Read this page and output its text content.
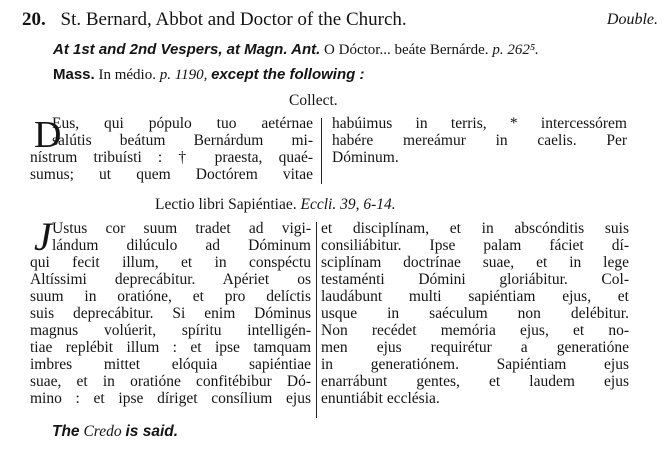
20. St. Bernard, Abbot and Doctor of the Church.	Double.
At 1st and 2nd Vespers, at Magn. Ant. O Dóctor... beáte Bernárde. p. 262⁵.
Mass. In médio. p. 1190, except the following :
Collect.
D
Eus, qui pópulo tuo aetérnae
salútis beátum Bernárdum mi-
nístrum tribuísti : † praesta, quaé-
sumus; ut quem Doctórem vitae
habúimus in terris, * intercessórem
habére mereámur in caelis. Per
Dóminum.
Lectio libri Sapiéntiae. Eccli. 39, 6-14.
J Ustus cor suum tradet ad vigi-
lándum dilúculo ad Dóminum
qui fecit illum, et in conspéctu
Altíssimi deprecábitur. Apériet os
suum in oratióne, et pro delíctis
suis deprecábitur. Si enim Dóminus
magnus volúerit, spíritu intelligén-
tiae replébit illum : et ipse tamquam
imbres mittet elóquia sapiéntiae
suae, et in oratióne confitébibur Dó-
mino : et ipse díriget consílium ejus
et disciplínam, et in abscónditis suis
consiliábitur. Ipse palam fáciet dí-
sciplínam doctrínae suae, et in lege
testaménti Dómini gloriábitur. Col-
laudábunt multi sapiéntiam ejus, et
usque in saéculum non delébitur.
Non recédet memória ejus, et no-
men ejus requirétur a generatióne
in generatiónem. Sapiéntiam ejus
enarrábunt gentes, et laudem ejus
enuntiábit ecclésia.
The Credo is said.
